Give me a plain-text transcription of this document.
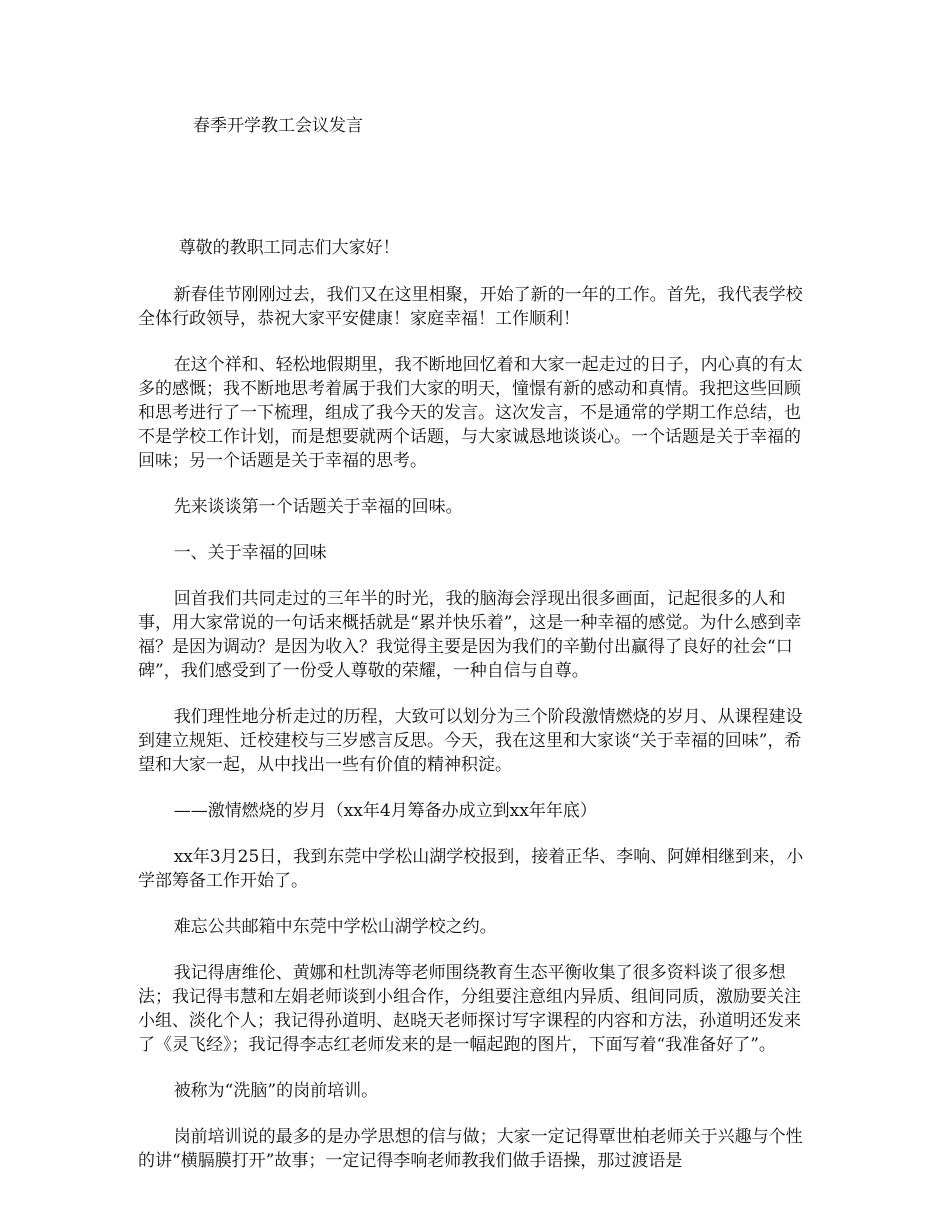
春季开学教工会议发言

尊敬的教职工同志们大家好！

新春佳节刚刚过去，我们又在这里相聚，开始了新的一年的工作。首先，我代表学校全体行政领导，恭祝大家平安健康！家庭幸福！工作顺利！

在这个祥和、轻松地假期里，我不断地回忆着和大家一起走过的日子，内心真的有太多的感慨；我不断地思考着属于我们大家的明天，憧憬有新的感动和真情。我把这些回顾和思考进行了一下梳理，组成了我今天的发言。这次发言，不是通常的学期工作总结，也不是学校工作计划，而是想要就两个话题，与大家诚恳地谈谈心。一个话题是关于幸福的回味；另一个话题是关于幸福的思考。

先来谈谈第一个话题关于幸福的回味。

一、关于幸福的回味

回首我们共同走过的三年半的时光，我的脑海会浮现出很多画面，记起很多的人和事，用大家常说的一句话来概括就是“累并快乐着”，这是一种幸福的感觉。为什么感到幸福？是因为调动？是因为收入？我觉得主要是因为我们的辛勤付出赢得了良好的社会“口碑”，我们感受到了一份受人尊敬的荣耀，一种自信与自尊。

我们理性地分析走过的历程，大致可以划分为三个阶段激情燃烧的岁月、从课程建设到建立规矩、迁校建校与三岁感言反思。今天，我在这里和大家谈“关于幸福的回味”，希望和大家一起，从中找出一些有价值的精神积淀。

——激情燃烧的岁月（xx年4月筹备办成立到xx年年底）

xx年3月25日，我到东莞中学松山湖学校报到，接着正华、李响、阿婵相继到来，小学部筹备工作开始了。

难忘公共邮箱中东莞中学松山湖学校之约。

我记得唐维伦、黄娜和杜凯涛等老师围绕教育生态平衡收集了很多资料谈了很多想法；我记得韦慧和左娟老师谈到小组合作，分组要注意组内异质、组间同质，激励要关注小组、淡化个人；我记得孙道明、赵晓天老师探讨写字课程的内容和方法，孙道明还发来了《灵飞经》；我记得李志红老师发来的是一幅起跑的图片，下面写着“我准备好了”。

被称为“洗脑”的岗前培训。

岗前培训说的最多的是办学思想的信与做；大家一定记得覃世柏老师关于兴趣与个性的讲“横膈膜打开”故事；一定记得李响老师教我们做手语操，那过渡语是
